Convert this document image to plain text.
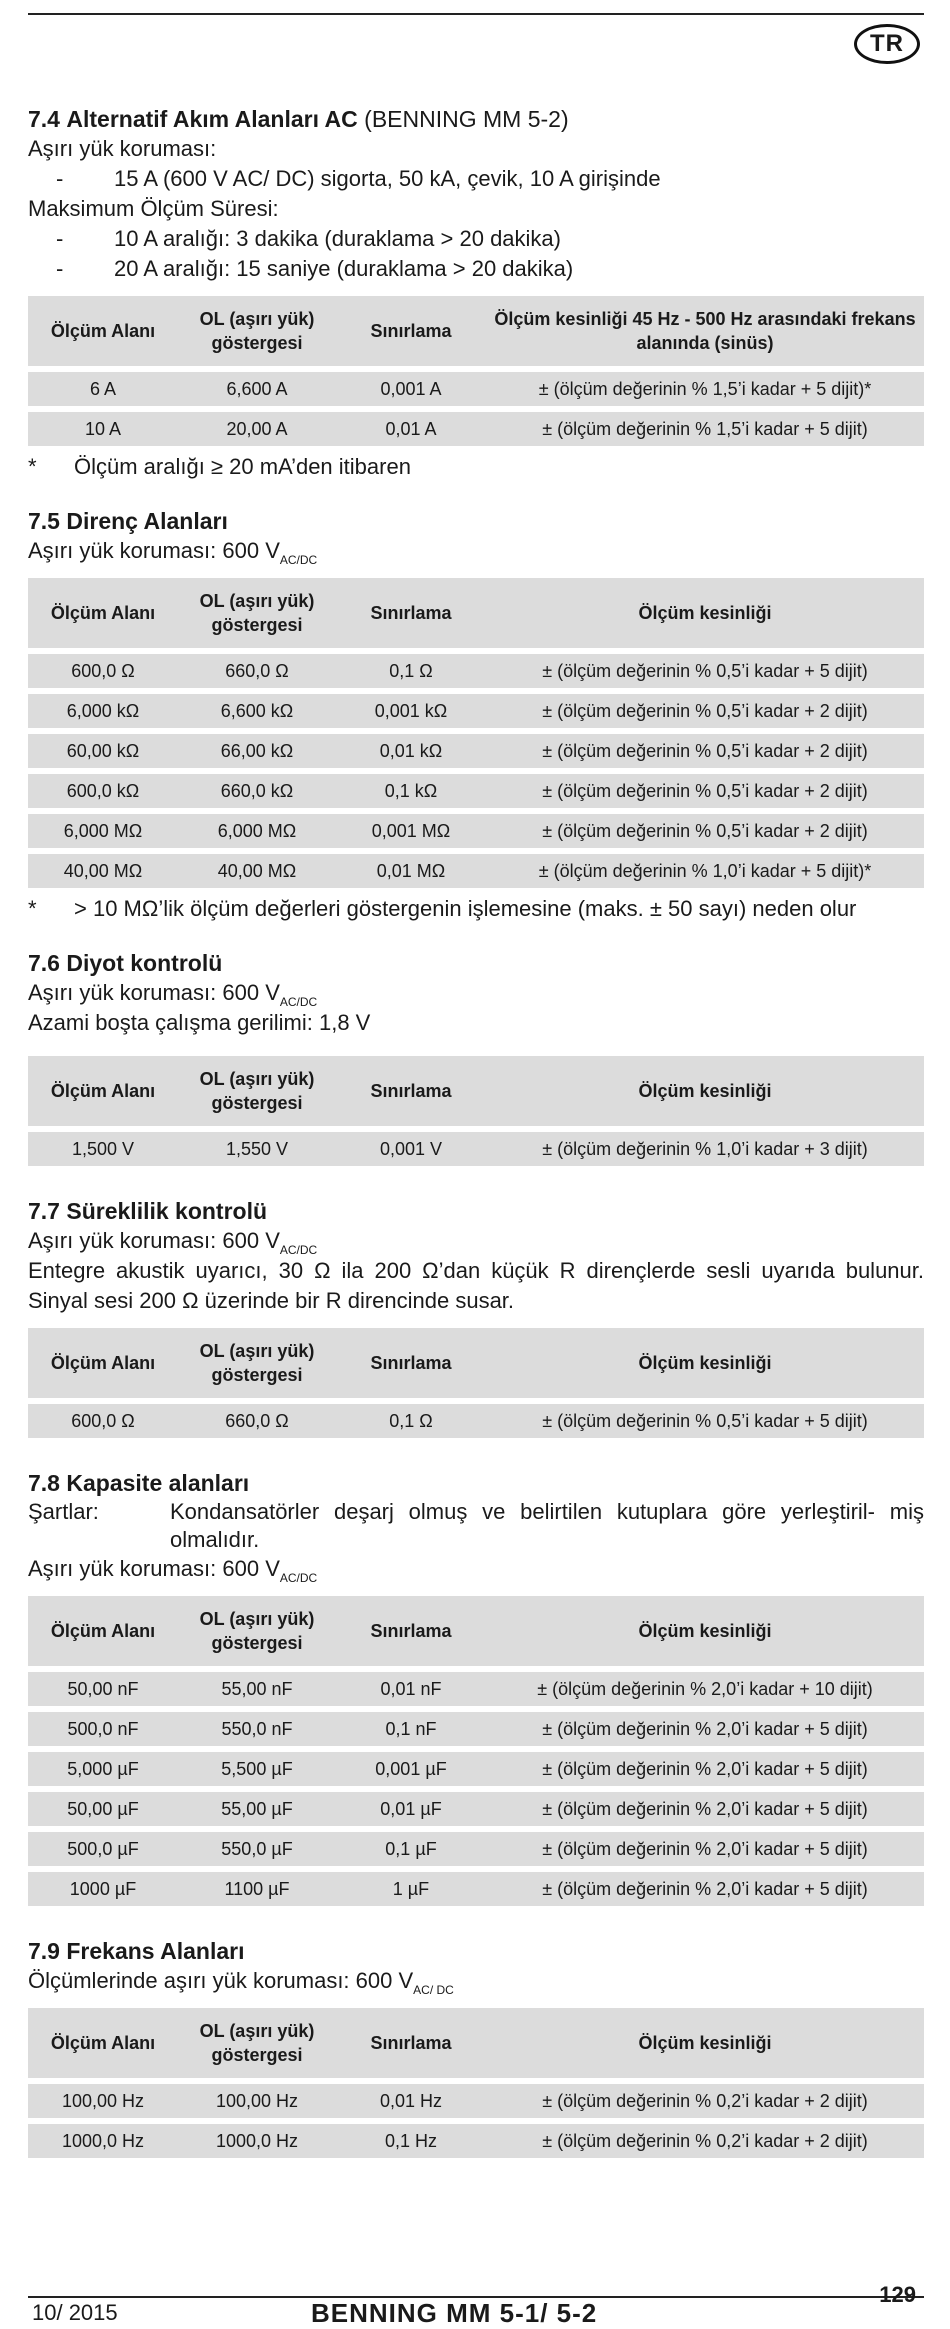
TR
7.4 Alternatif Akım Alanları AC (BENNING MM 5-2)

Aşırı yük koruması:

-	15 A (600 V AC/ DC) sigorta, 50 kA, çevik, 10 A girişinde

Maksimum Ölçüm Süresi:

-	10 A aralığı: 3 dakika (duraklama > 20 dakika)
-	20 A aralığı: 15 saniye (duraklama > 20 dakika)
Ölçüm Alanı	OL (aşırı yük) göstergesi	Sınırlama	Ölçüm kesinliği 45 Hz - 500 Hz arasındaki frekans alanında (sinüs)
6 A	6,600 A	0,001 A	± (ölçüm değerinin % 1,5’i kadar + 5 dijit)*
10 A	20,00 A	0,01 A	± (ölçüm değerinin % 1,5’i kadar + 5 dijit)
*	Ölçüm aralığı ≥ 20 mA’den itibaren
7.5 Direnç Alanları

Aşırı yük koruması: 600 $V_{AC/DC}$

Ölçüm Alanı	OL (aşırı yük) göstergesi	Sınırlama	Ölçüm kesinliği
600,0 Ω	660,0 Ω	0,1 Ω	± (ölçüm değerinin % 0,5’i kadar + 5 dijit)
6,000 kΩ	6,600 kΩ	0,001 kΩ	± (ölçüm değerinin % 0,5’i kadar + 2 dijit)
60,00 kΩ	66,00 kΩ	0,01 kΩ	± (ölçüm değerinin % 0,5’i kadar + 2 dijit)
600,0 kΩ	660,0 kΩ	0,1 kΩ	± (ölçüm değerinin % 0,5’i kadar + 2 dijit)
6,000 MΩ	6,000 MΩ	0,001 MΩ	± (ölçüm değerinin % 0,5’i kadar + 2 dijit)
40,00 MΩ	40,00 MΩ	0,01 MΩ	± (ölçüm değerinin % 1,0’i kadar + 5 dijit)*
*	> 10 MΩ’lik ölçüm değerleri göstergenin işlemesine (maks. ± 50 sayı) neden olur
7.6 Diyot kontrolü

Aşırı yük koruması: 600 $V_{AC/DC}$

Azami boşta çalışma gerilimi: 1,8 V

Ölçüm Alanı	OL (aşırı yük) göstergesi	Sınırlama	Ölçüm kesinliği
1,500 V	1,550 V	0,001 V	± (ölçüm değerinin % 1,0’i kadar + 3 dijit)
7.7 Süreklilik kontrolü

Aşırı yük koruması: 600 $V_{AC/DC}$

Entegre akustik uyarıcı, 30 Ω ila 200 Ω’dan küçük R dirençlerde sesli uyarıda bulunur. Sinyal sesi 200 Ω üzerinde bir R direncinde susar.

Ölçüm Alanı	OL (aşırı yük) göstergesi	Sınırlama	Ölçüm kesinliği
600,0 Ω	660,0 Ω	0,1 Ω	± (ölçüm değerinin % 0,5’i kadar + 5 dijit)
7.8 Kapasite alanları
Şartlar:	Kondansatörler deşarj olmuş ve belirtilen kutuplara göre yerleştiril- miş olmalıdır.

Aşırı yük koruması: 600 $V_{AC/DC}$

Ölçüm Alanı	OL (aşırı yük) göstergesi	Sınırlama	Ölçüm kesinliği
50,00 nF	55,00 nF	0,01 nF	± (ölçüm değerinin % 2,0’i kadar + 10 dijit)
500,0 nF	550,0 nF	0,1 nF	± (ölçüm değerinin % 2,0’i kadar + 5 dijit)
5,000 µF	5,500 µF	0,001 µF	± (ölçüm değerinin % 2,0’i kadar + 5 dijit)
50,00 µF	55,00 µF	0,01 µF	± (ölçüm değerinin % 2,0’i kadar + 5 dijit)
500,0 µF	550,0 µF	0,1 µF	± (ölçüm değerinin % 2,0’i kadar + 5 dijit)
1000 µF	1100 µF	1 µF	± (ölçüm değerinin % 2,0’i kadar + 5 dijit)
7.9 Frekans Alanları

Ölçümlerinde aşırı yük koruması: 600 $V_{AC/ DC}$

Ölçüm Alanı	OL (aşırı yük) göstergesi	Sınırlama	Ölçüm kesinliği
100,00 Hz	100,00 Hz	0,01 Hz	± (ölçüm değerinin % 0,2’i kadar + 2 dijit)
1000,0 Hz	1000,0 Hz	0,1 Hz	± (ölçüm değerinin % 0,2’i kadar + 2 dijit)
10/ 2015	BENNING MM 5-1/ 5-2
129
